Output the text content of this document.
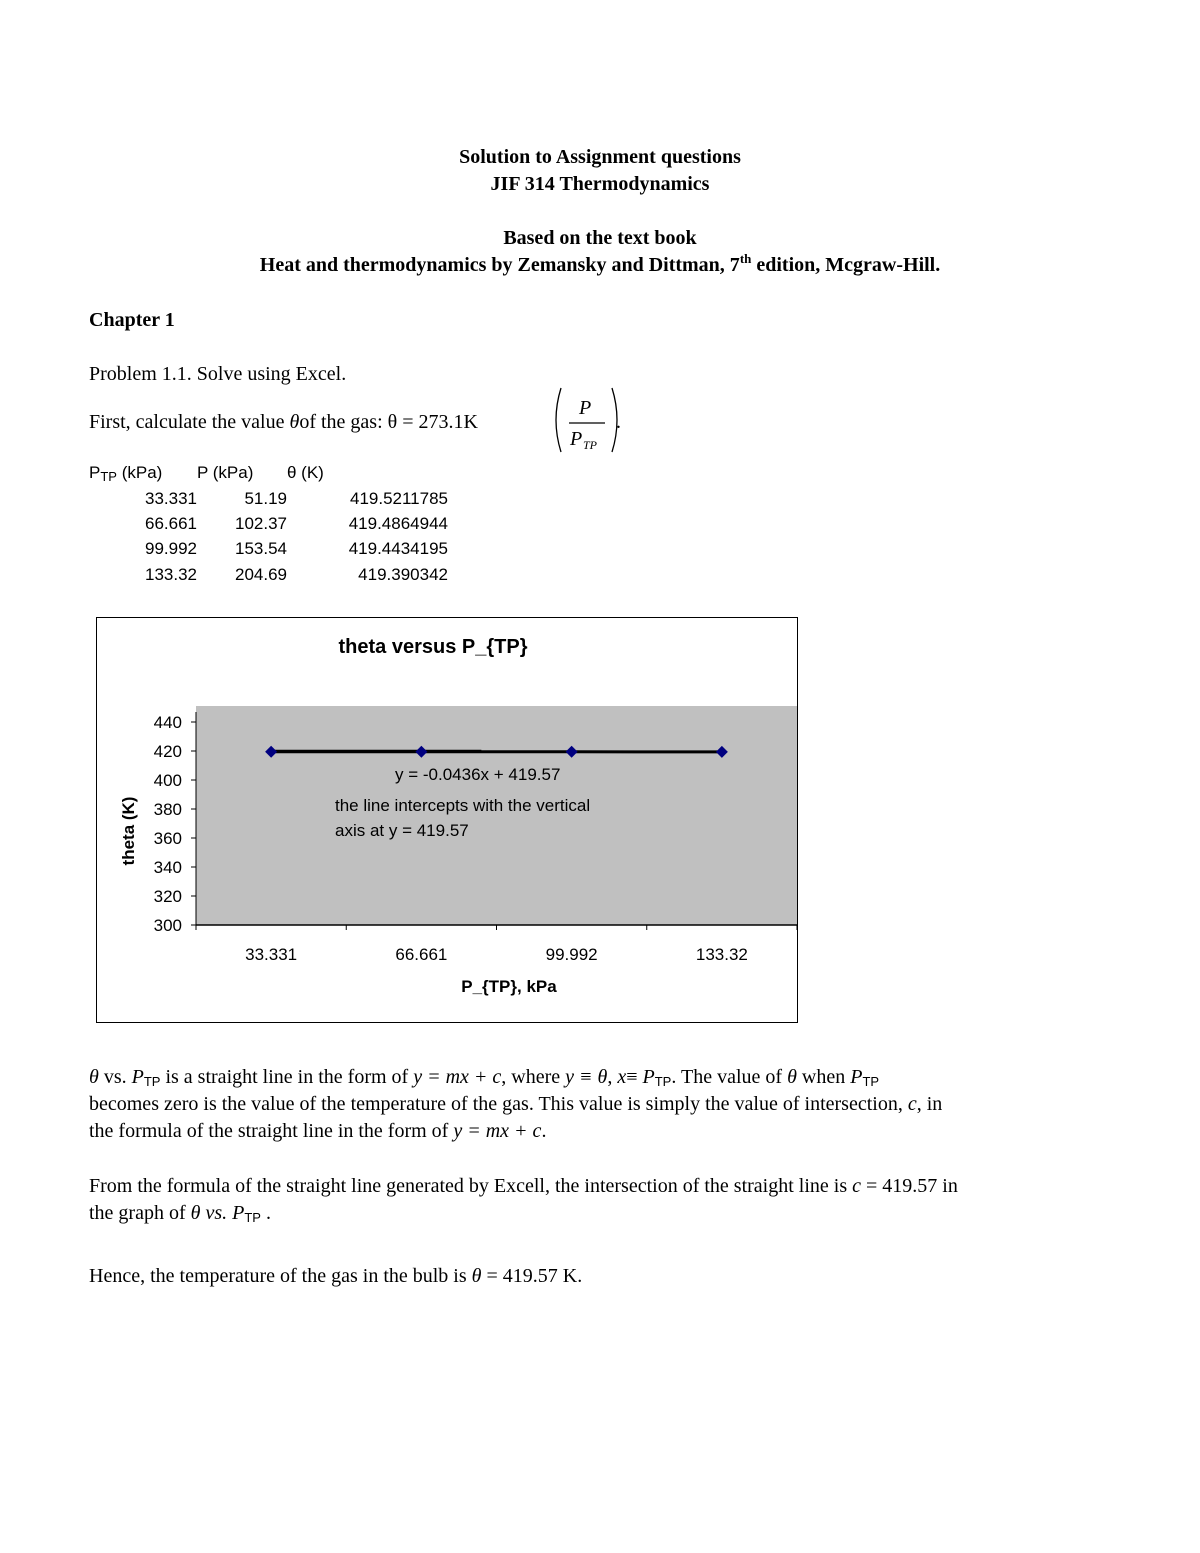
Solution to Assignment questions
JIF 314 Thermodynamics
Based on the text book
Heat and thermodynamics by Zemansky and Dittman, 7th edition, Mcgraw-Hill.
Chapter 1
Problem 1.1. Solve using Excel.
First, calculate the value θof the gas: θ = 273.1K
P
P TP
.
$P_{TP}$ (kPa) P (kPa) θ (K)
33.331	51.19	419.5211785
66.661	102.37	419.4864944
99.992	153.54	419.4434195
133.32	204.69	419.390342
theta versus P_{TP}
300
320
340
360
380
400
420
440
33.331	66.661	99.992	133.32
P_{TP}, kPa
theta (K)
y = -0.0436x + 419.57
the line intercepts with the vertical
axis at y = 419.57
θ vs. $P_{TP}$ is a straight line in the form of y = mx + c, where y ≡ θ, $x\equiv P_{TP}$. The value of θ when $P_{TP}$
becomes zero is the value of the temperature of the gas. This value is simply the value of intersection, c, in
the formula of the straight line in the form of y = mx + c.
From the formula of the straight line generated by Excell, the intersection of the straight line is c = 419.57 in
the graph of θ vs. $P_{TP}$ .
Hence, the temperature of the gas in the bulb is θ = 419.57 K.
